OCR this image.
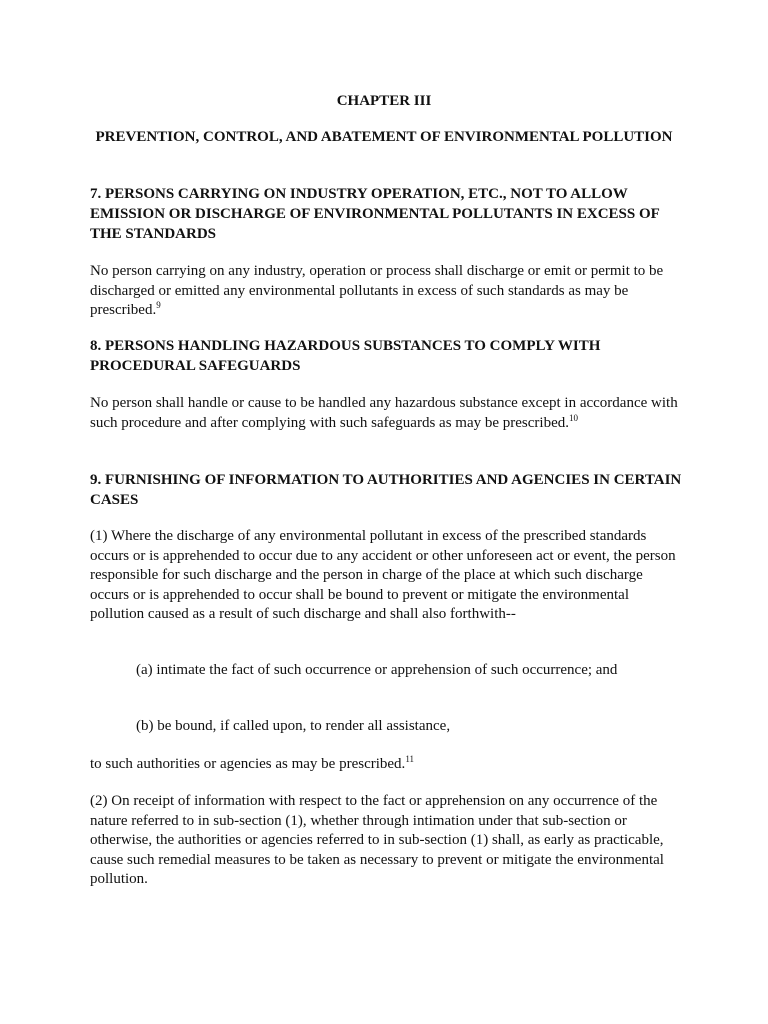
CHAPTER III
PREVENTION, CONTROL, AND ABATEMENT OF ENVIRONMENTAL POLLUTION
7. PERSONS CARRYING ON INDUSTRY OPERATION, ETC., NOT TO ALLOW EMISSION OR DISCHARGE OF ENVIRONMENTAL POLLUTANTS IN EXCESS OF THE STANDARDS
No person carrying on any industry, operation or process shall discharge or emit or permit to be discharged or emitted any environmental pollutants in excess of such standards as may be prescribed.$^9$
8. PERSONS HANDLING HAZARDOUS SUBSTANCES TO COMPLY WITH PROCEDURAL SAFEGUARDS
No person shall handle or cause to be handled any hazardous substance except in accordance with such procedure and after complying with such safeguards as may be prescribed.$^{10}$
9. FURNISHING OF INFORMATION TO AUTHORITIES AND AGENCIES IN CERTAIN CASES
(1) Where the discharge of any environmental pollutant in excess of the prescribed standards occurs or is apprehended to occur due to any accident or other unforeseen act or event, the person responsible for such discharge and the person in charge of the place at which such discharge occurs or is apprehended to occur shall be bound to prevent or mitigate the environmental pollution caused as a result of such discharge and shall also forthwith--
(a) intimate the fact of such occurrence or apprehension of such occurrence; and
(b) be bound, if called upon, to render all assistance,
to such authorities or agencies as may be prescribed.$^{11}$
(2) On receipt of information with respect to the fact or apprehension on any occurrence of the nature referred to in sub-section (1), whether through intimation under that sub-section or otherwise, the authorities or agencies referred to in sub-section (1) shall, as early as practicable, cause such remedial measures to be taken as necessary to prevent or mitigate the environmental pollution.
